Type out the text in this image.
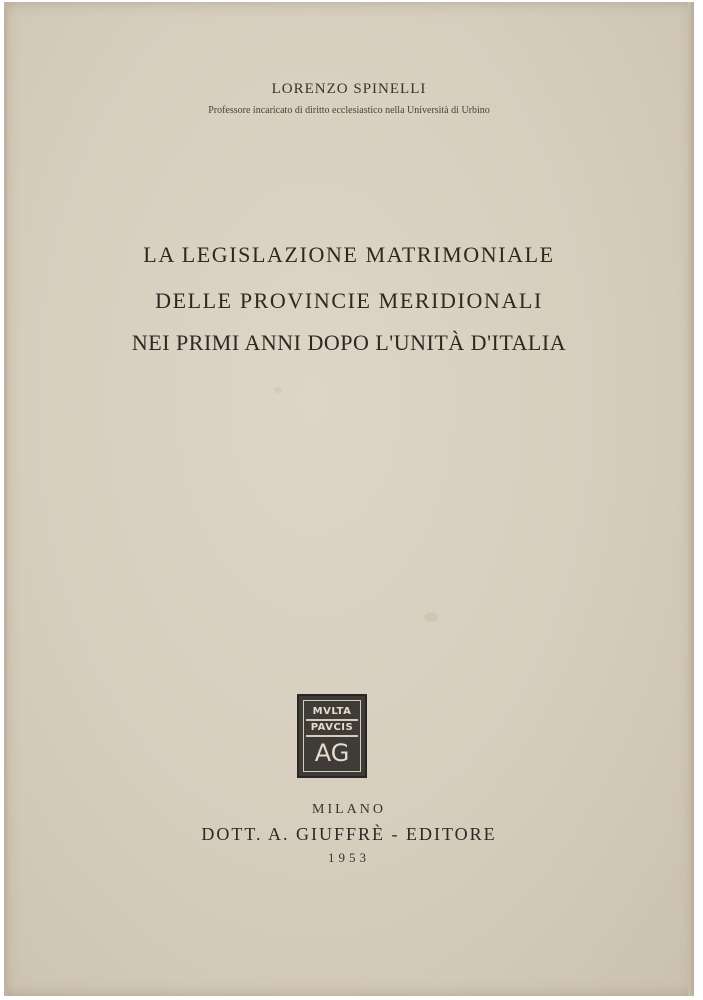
LORENZO SPINELLI
Professore incaricato di diritto ecclesiastico nella Università di Urbino
LA LEGISLAZIONE MATRIMONIALE
DELLE PROVINCIE MERIDIONALI
NEI PRIMI ANNI DOPO L'UNITÀ D'ITALIA
MVLTA
PAVCIS
AG
MILANO
DOTT. A. GIUFFRÈ - EDITORE
1953
